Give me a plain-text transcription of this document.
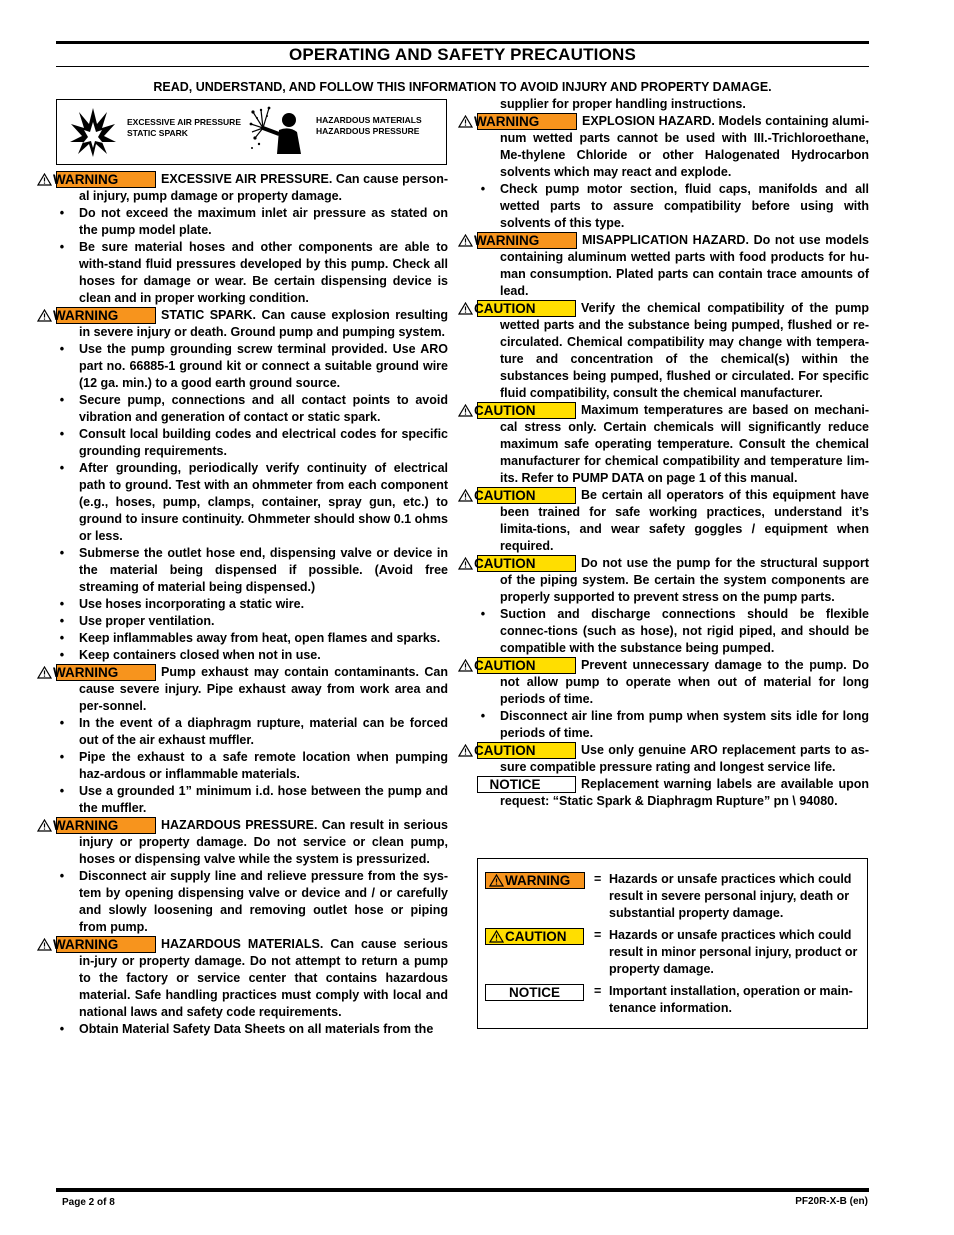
OPERATING AND SAFETY PRECAUTIONS
READ, UNDERSTAND, AND FOLLOW THIS INFORMATION TO AVOID INJURY AND PROPERTY DAMAGE.
EXCESSIVE AIR PRESSURE
STATIC SPARK
HAZARDOUS MATERIALS
HAZARDOUS PRESSURE
WARNING	EXCESSIVE AIR PRESSURE. Can cause person-al injury, pump damage or property damage.
•	Do not exceed the maximum inlet air pressure as stated on the pump model plate.
•	Be sure material hoses and other components are able to with-stand fluid pressures developed by this pump. Check all hoses for damage or wear. Be certain dispensing device is clean and in proper working condition.
WARNING	STATIC SPARK. Can cause explosion resulting in severe injury or death. Ground pump and pumping system.
•	Use the pump grounding screw terminal provided. Use ARO part no. 66885-1 ground kit or connect a suitable ground wire (12 ga. min.) to a good earth ground source.
•	Secure pump, connections and all contact points to avoid vibration and generation of contact or static spark.
•	Consult local building codes and electrical codes for specific grounding requirements.
•	After grounding, periodically verify continuity of electrical path to ground. Test with an ohmmeter from each component (e.g., hoses, pump, clamps, container, spray gun, etc.) to ground to insure continuity. Ohmmeter should show 0.1 ohms or less.
•	Submerse the outlet hose end, dispensing valve or device in the material being dispensed if possible. (Avoid free streaming of material being dispensed.)
•	Use hoses incorporating a static wire.
•	Use proper ventilation.
•	Keep inflammables away from heat, open flames and sparks.
•	Keep containers closed when not in use.
WARNING	Pump exhaust may contain contaminants. Can cause severe injury. Pipe exhaust away from work area and per-sonnel.
•	In the event of a diaphragm rupture, material can be forced out of the air exhaust muffler.
•	Pipe the exhaust to a safe remote location when pumping haz-ardous or inflammable materials.
•	Use a grounded 1” minimum i.d. hose between the pump and the muffler.
WARNING	HAZARDOUS PRESSURE. Can result in serious injury or property damage. Do not service or clean pump, hoses or dispensing valve while the system is pressurized.
•	Disconnect air supply line and relieve pressure from the sys-tem by opening dispensing valve or device and / or carefully and slowly loosening and removing outlet hose or piping from pump.
WARNING	HAZARDOUS MATERIALS. Can cause serious in-jury or property damage. Do not attempt to return a pump to the factory or service center that contains hazardous material. Safe handling practices must comply with local and national laws and safety code requirements.
•	Obtain Material Safety Data Sheets on all materials from the
supplier for proper handling instructions.
WARNING	EXPLOSION HAZARD. Models containing alumi-num wetted parts cannot be used with III.-Trichloroethane, Me-thylene Chloride or other Halogenated Hydrocarbon solvents which may react and explode.
•	Check pump motor section, fluid caps, manifolds and all wetted parts to assure compatibility before using with solvents of this type.
WARNING	MISAPPLICATION HAZARD. Do not use models containing aluminum wetted parts with food products for hu-man consumption. Plated parts can contain trace amounts of lead.
CAUTION	Verify the chemical compatibility of the pump wetted parts and the substance being pumped, flushed or re-circulated. Chemical compatibility may change with tempera-ture and concentration of the chemical(s) within the substances being pumped, flushed or circulated. For specific fluid compatibility, consult the chemical manufacturer.
CAUTION	Maximum temperatures are based on mechani-cal stress only. Certain chemicals will significantly reduce maximum safe operating temperature. Consult the chemical manufacturer for chemical compatibility and temperature lim-its. Refer to PUMP DATA on page 1 of this manual.
CAUTION	Be certain all operators of this equipment have been trained for safe working practices, understand it’s limita-tions, and wear safety goggles / equipment when required.
CAUTION	Do not use the pump for the structural support of the piping system. Be certain the system components are properly supported to prevent stress on the pump parts.
•	Suction and discharge connections should be flexible connec-tions (such as hose), not rigid piped, and should be compatible with the substance being pumped.
CAUTION	Prevent unnecessary damage to the pump. Do not allow pump to operate when out of material for long periods of time.
•	Disconnect air line from pump when system sits idle for long periods of time.
CAUTION	Use only genuine ARO replacement parts to as-sure compatible pressure rating and longest service life.
NOTICE	Replacement warning labels are available upon request: “Static Spark & Diaphragm Rupture” pn \ 94080.
WARNING	= Hazards or unsafe practices which could result in severe personal injury, death or substantial property damage.
CAUTION	= Hazards or unsafe practices which could result in minor personal injury, product or property damage.
NOTICE	= Important installation, operation or main-tenance information.
Page 2 of 8	PF20R-X-B (en)
